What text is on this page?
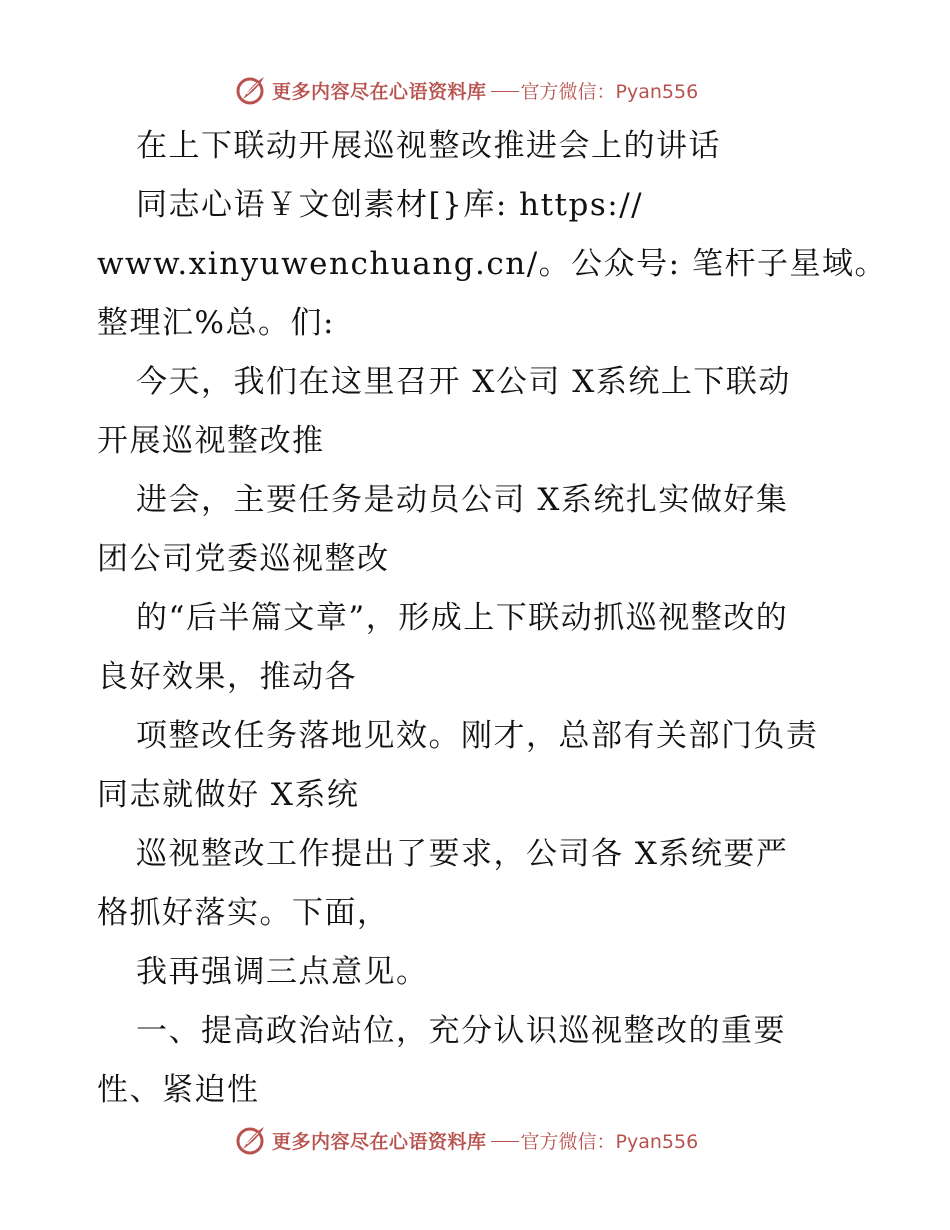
更多内容尽在心语资料库 官方微信：Pyan556
在上下联动开展巡视整改推进会上的讲话
同志心语￥文创素材[}库: https://
www.xinyuwenchuang.cn/。公众号: 笔杆子星域。
整理汇%总。们:
今天，我们在这里召开 X公司 X系统上下联动
开展巡视整改推
进会，主要任务是动员公司 X系统扎实做好集
团公司党委巡视整改
的“后半篇文章”，形成上下联动抓巡视整改的
良好效果，推动各
项整改任务落地见效。刚才，总部有关部门负责
同志就做好 X系统
巡视整改工作提出了要求，公司各 X系统要严
格抓好落实。下面，
我再强调三点意见。
一、提高政治站位，充分认识巡视整改的重要
性、紧迫性
更多内容尽在心语资料库 官方微信：Pyan556
